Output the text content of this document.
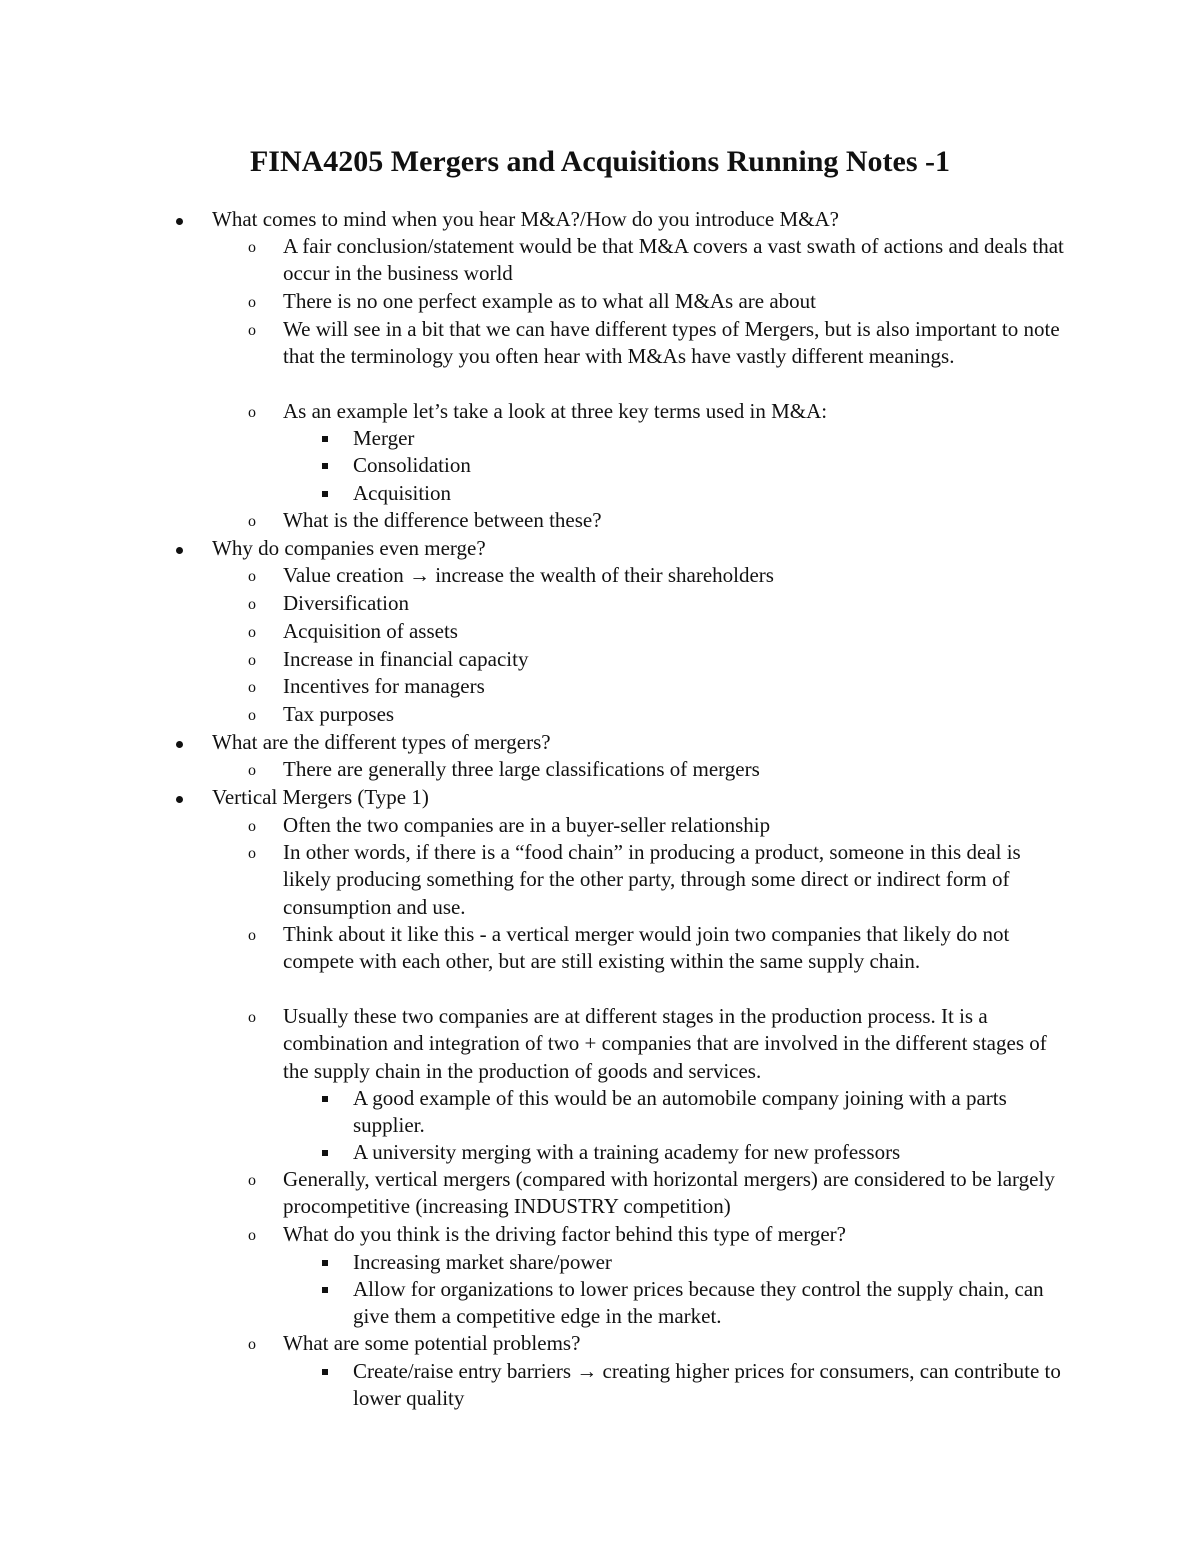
FINA4205 Mergers and Acquisitions Running Notes -1

What comes to mind when you hear M&A?/How do you introduce M&A?

o A fair conclusion/statement would be that M&A covers a vast swath of actions and deals that occur in the business world

o There is no one perfect example as to what all M&As are about

o We will see in a bit that we can have different types of Mergers, but is also important to note that the terminology you often hear with M&As have vastly different meanings.

o As an example let’s take a look at three key terms used in M&A:

Merger

Consolidation

Acquisition

o What is the difference between these?

Why do companies even merge?

o Value creation → increase the wealth of their shareholders

o Diversification

o Acquisition of assets

o Increase in financial capacity

o Incentives for managers

o Tax purposes

What are the different types of mergers?

o There are generally three large classifications of mergers

Vertical Mergers (Type 1)

o Often the two companies are in a buyer-seller relationship

o In other words, if there is a “food chain” in producing a product, someone in this deal is likely producing something for the other party, through some direct or indirect form of consumption and use.

o Think about it like this - a vertical merger would join two companies that likely do not compete with each other, but are still existing within the same supply chain.

o Usually these two companies are at different stages in the production process. It is a combination and integration of two + companies that are involved in the different stages of the supply chain in the production of goods and services.

A good example of this would be an automobile company joining with a parts supplier.

A university merging with a training academy for new professors

o Generally, vertical mergers (compared with horizontal mergers) are considered to be largely procompetitive (increasing INDUSTRY competition)

o What do you think is the driving factor behind this type of merger?

Increasing market share/power

Allow for organizations to lower prices because they control the supply chain, can give them a competitive edge in the market.

o What are some potential problems?

Create/raise entry barriers → creating higher prices for consumers, can contribute to lower quality
